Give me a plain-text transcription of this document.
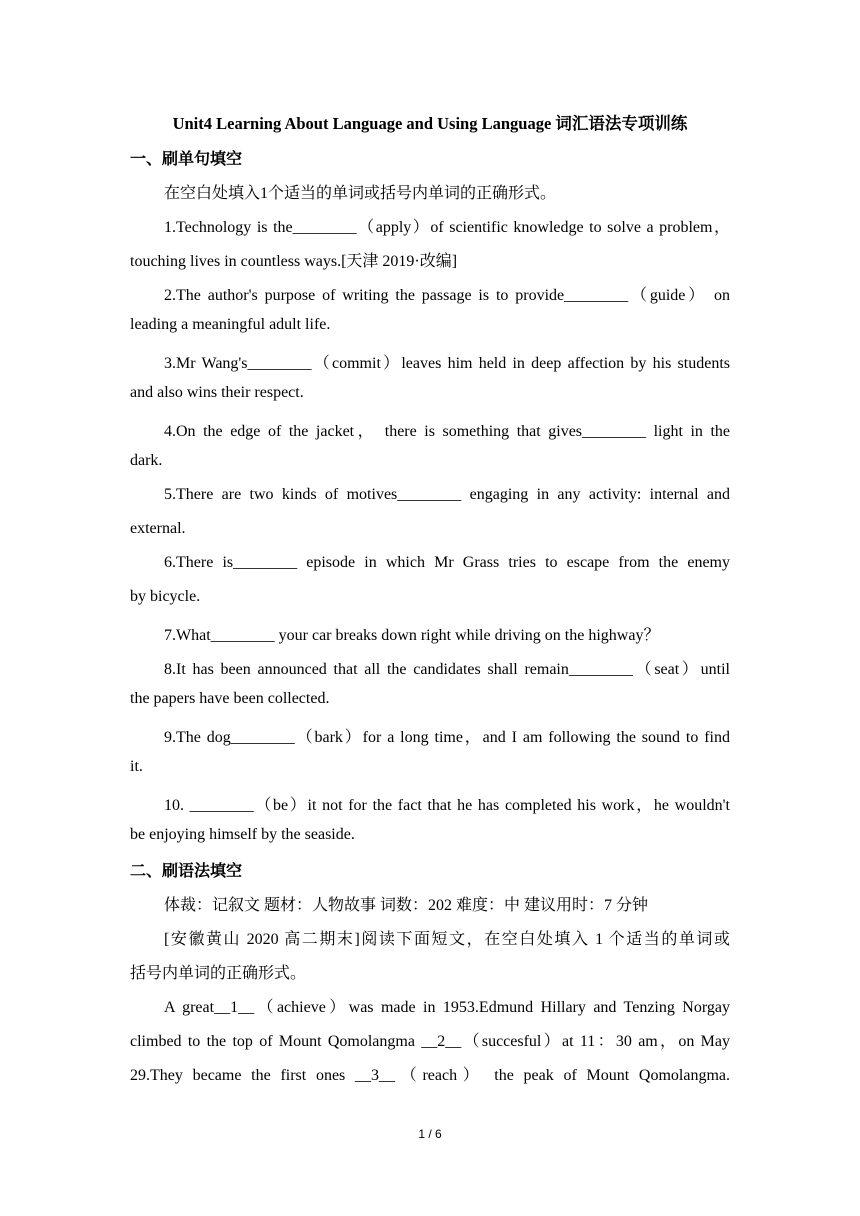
Unit4 Learning About Language and Using Language 词汇语法专项训练
一、刷单句填空
在空白处填入1个适当的单词或括号内单词的正确形式。
1.Technology is the________（apply）of scientific knowledge to solve a problem，
touching lives in countless ways.[天津 2019·改编]
2.The author's purpose of writing the passage is to provide________（guide） on
leading a meaningful adult life.
3.Mr Wang's________（commit）leaves him held in deep affection by his students
and also wins their respect.
4.On the edge of the jacket， there is something that gives________ light in the
dark.
5.There are two kinds of motives________ engaging in any activity: internal and
external.
6.There is________ episode in which Mr Grass tries to escape from the enemy
by bicycle.
7.What________ your car breaks down right while driving on the highway？
8.It has been announced that all the candidates shall remain________（seat）until
the papers have been collected.
9.The dog________（bark）for a long time，and I am following the sound to find
it.
10. ________（be）it not for the fact that he has completed his work，he wouldn't
be enjoying himself by the seaside.
二、刷语法填空
体裁：记叙文 题材：人物故事 词数：202 难度：中 建议用时：7 分钟
[安徽黄山 2020 高二期末]阅读下面短文，在空白处填入 1 个适当的单词或
括号内单词的正确形式。
A great__1__（achieve）was made in 1953.Edmund Hillary and Tenzing Norgay
climbed to the top of Mount Qomolangma __2__（succesful）at 11：30 am，on May
29.They became the first ones __3__（reach） the peak of Mount Qomolangma.
1 / 6
